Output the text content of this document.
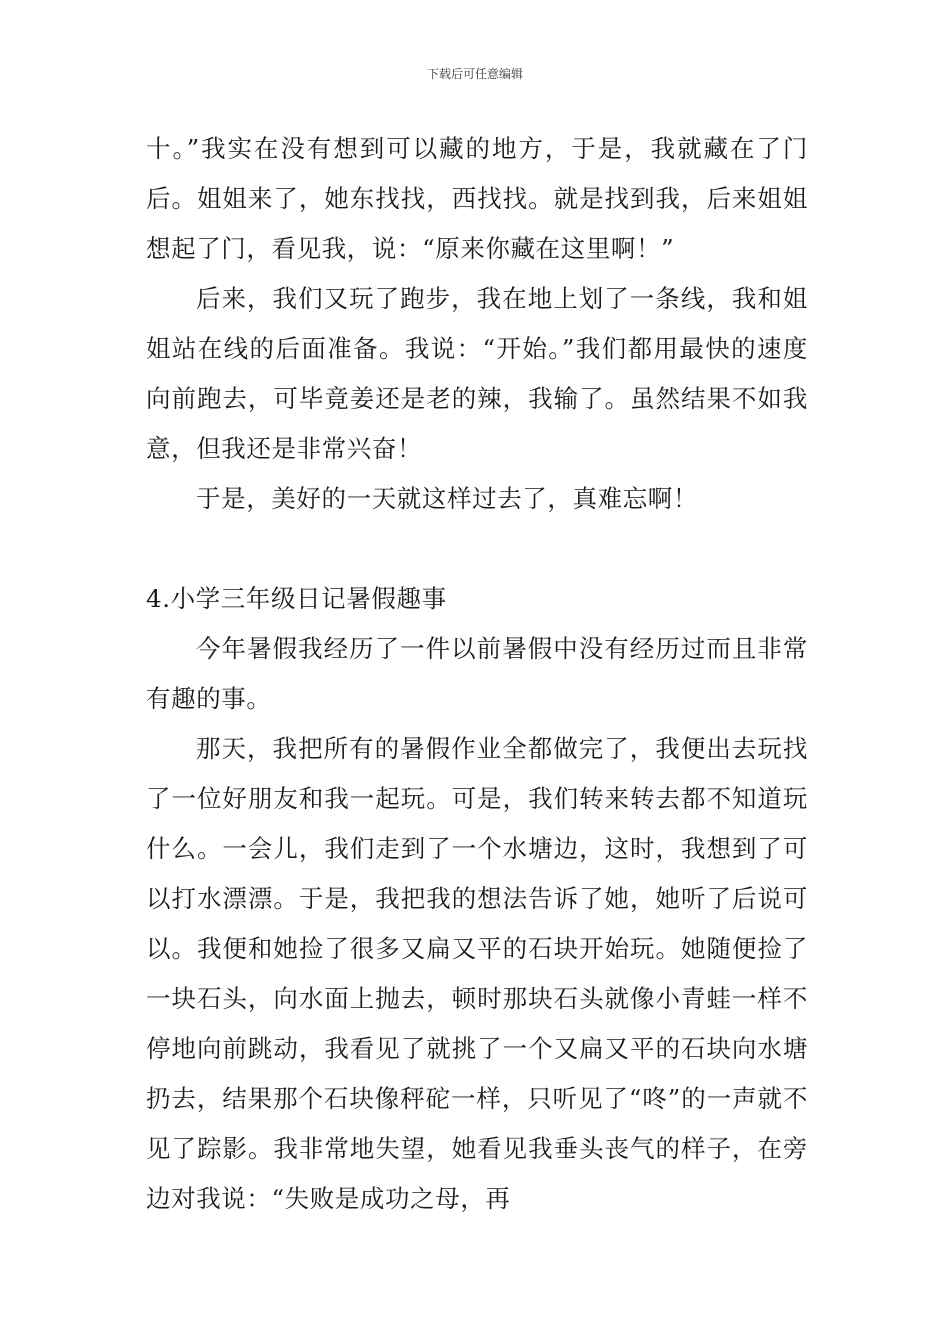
下载后可任意编辑

十。”我实在没有想到可以藏的地方，于是，我就藏在了门后。姐姐来了，她东找找，西找找。就是找到我，后来姐姐想起了门，看见我，说：“原来你藏在这里啊！”

后来，我们又玩了跑步，我在地上划了一条线，我和姐姐站在线的后面准备。我说：“开始。”我们都用最快的速度向前跑去，可毕竟姜还是老的辣，我输了。虽然结果不如我意，但我还是非常兴奋！

于是，美好的一天就这样过去了，真难忘啊！

4.小学三年级日记暑假趣事

今年暑假我经历了一件以前暑假中没有经历过而且非常有趣的事。

那天，我把所有的暑假作业全都做完了，我便出去玩找了一位好朋友和我一起玩。可是，我们转来转去都不知道玩什么。一会儿，我们走到了一个水塘边，这时，我想到了可以打水漂漂。于是，我把我的想法告诉了她，她听了后说可以。我便和她捡了很多又扁又平的石块开始玩。她随便捡了一块石头，向水面上抛去，顿时那块石头就像小青蛙一样不停地向前跳动，我看见了就挑了一个又扁又平的石块向水塘扔去，结果那个石块像秤砣一样，只听见了“咚”的一声就不见了踪影。我非常地失望，她看见我垂头丧气的样子，在旁边对我说：“失败是成功之母，再
